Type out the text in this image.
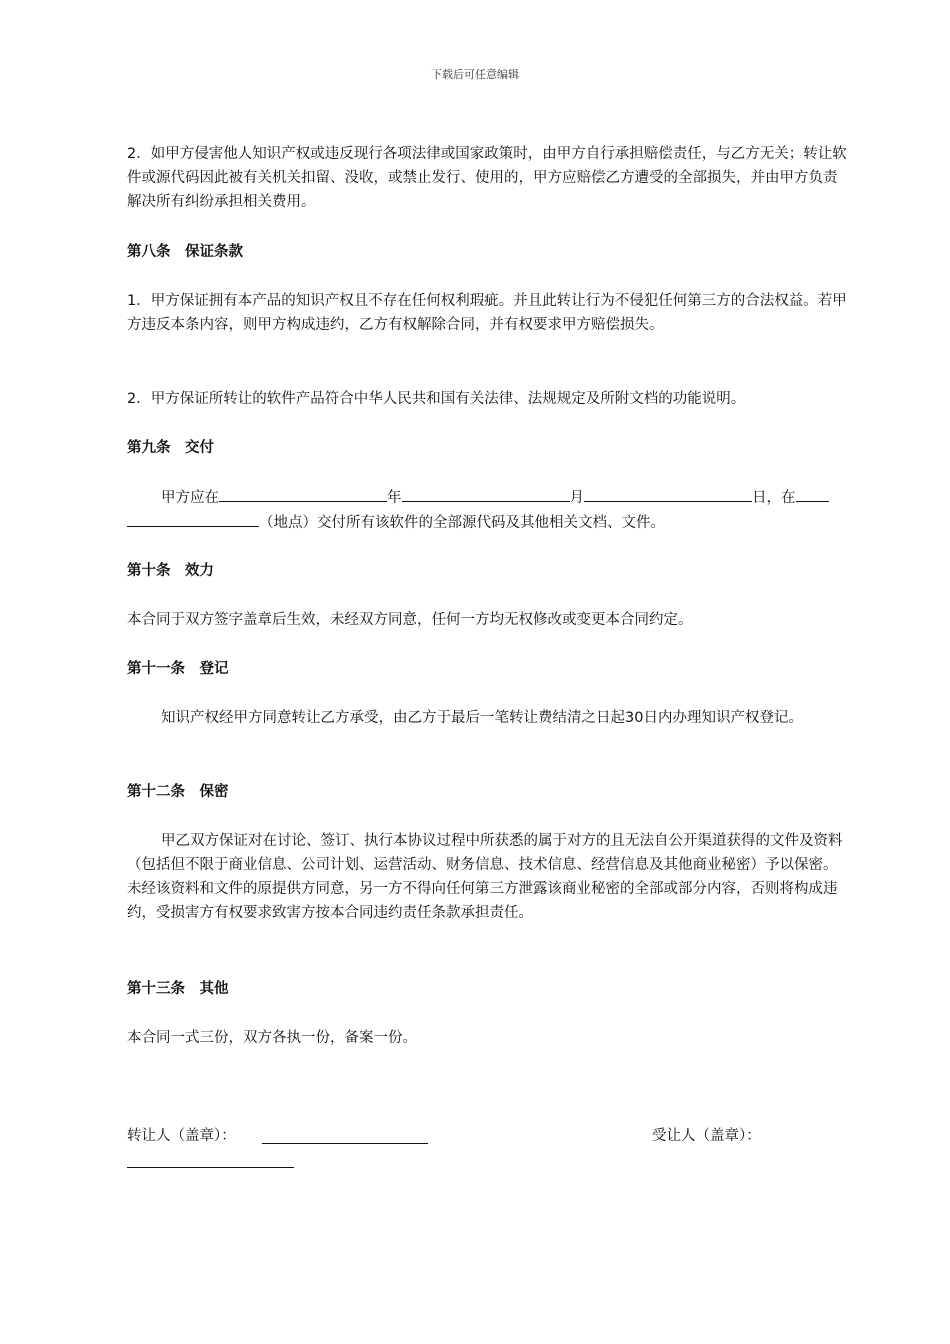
下载后可任意编辑

2．如甲方侵害他人知识产权或违反现行各项法律或国家政策时，由甲方自行承担赔偿责任，与乙方无关；转让软件或源代码因此被有关机关扣留、没收，或禁止发行、使用的，甲方应赔偿乙方遭受的全部损失，并由甲方负责解决所有纠纷承担相关费用。

第八条　保证条款

1．甲方保证拥有本产品的知识产权且不存在任何权利瑕疵。并且此转让行为不侵犯任何第三方的合法权益。若甲方违反本条内容，则甲方构成违约，乙方有权解除合同，并有权要求甲方赔偿损失。

2．甲方保证所转让的软件产品符合中华人民共和国有关法律、法规规定及所附文档的功能说明。

第九条　交付

甲方应在	年	月	日，在

（地点）交付所有该软件的全部源代码及其他相关文档、文件。

第十条　效力

本合同于双方签字盖章后生效，未经双方同意，任何一方均无权修改或变更本合同约定。

第十一条　登记

知识产权经甲方同意转让乙方承受，由乙方于最后一笔转让费结清之日起30日内办理知识产权登记。

第十二条　保密

甲乙双方保证对在讨论、签订、执行本协议过程中所获悉的属于对方的且无法自公开渠道获得的文件及资料（包括但不限于商业信息、公司计划、运营活动、财务信息、技术信息、经营信息及其他商业秘密）予以保密。未经该资料和文件的原提供方同意，另一方不得向任何第三方泄露该商业秘密的全部或部分内容，否则将构成违约，受损害方有权要求致害方按本合同违约责任条款承担责任。

第十三条　其他

本合同一式三份，双方各执一份，备案一份。

转让人（盖章）：	受让人（盖章）：
